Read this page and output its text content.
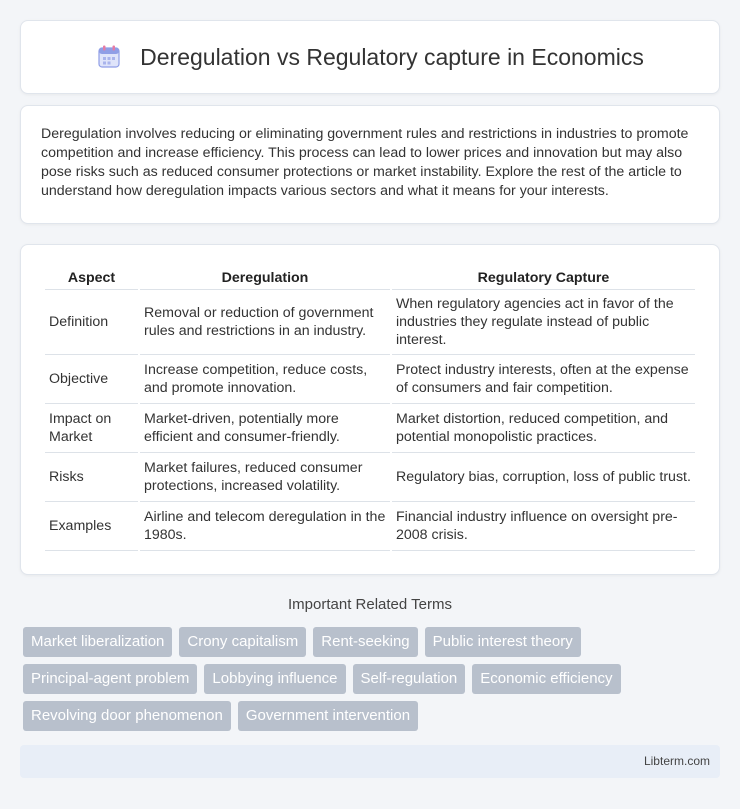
Deregulation vs Regulatory capture in Economics

Deregulation involves reducing or eliminating government rules and restrictions in industries to promote competition and increase efficiency. This process can lead to lower prices and innovation but may also pose risks such as reduced consumer protections or market instability. Explore the rest of the article to understand how deregulation impacts various sectors and what it means for your interests.

Aspect	Deregulation	Regulatory Capture
Definition	Removal or reduction of government rules and restrictions in an industry.	When regulatory agencies act in favor of the industries they regulate instead of public interest.
Objective	Increase competition, reduce costs, and promote innovation.	Protect industry interests, often at the expense of consumers and fair competition.
Impact on Market	Market-driven, potentially more efficient and consumer-friendly.	Market distortion, reduced competition, and potential monopolistic practices.
Risks	Market failures, reduced consumer protections, increased volatility.	Regulatory bias, corruption, loss of public trust.
Examples	Airline and telecom deregulation in the 1980s.	Financial industry influence on oversight pre-2008 crisis.
Important Related Terms
Market liberalization	Crony capitalism	Rent-seeking	Public interest theory
Principal-agent problem	Lobbying influence	Self-regulation	Economic efficiency
Revolving door phenomenon	Government intervention
Libterm.com
